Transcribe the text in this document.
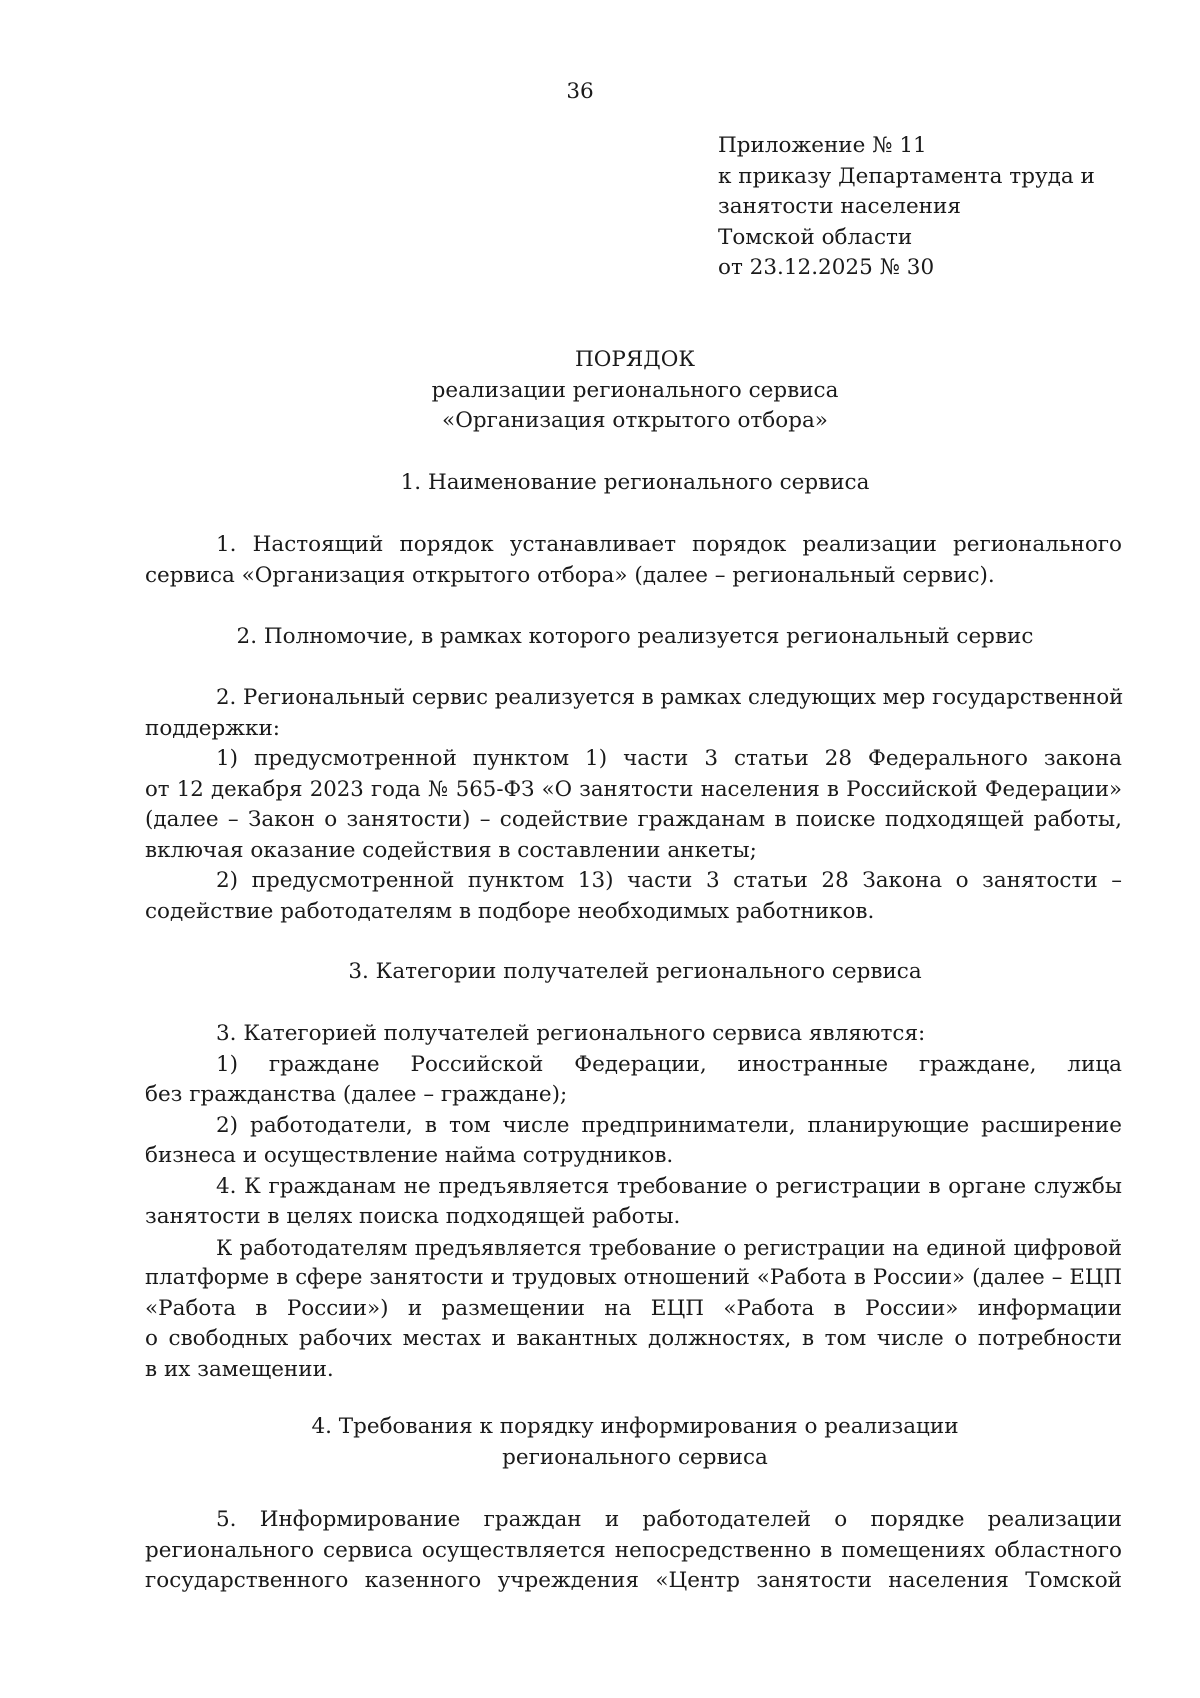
36
Приложение № 11
к приказу Департамента труда и
занятости населения
Томской области
от 23.12.2025 № 30
ПОРЯДОК
реализации регионального сервиса
«Организация открытого отбора»
1. Наименование регионального сервиса
1. Настоящий порядок устанавливает порядок реализации регионального
сервиса «Организация открытого отбора» (далее – региональный сервис).
2. Полномочие, в рамках которого реализуется региональный сервис
2. Региональный сервис реализуется в рамках следующих мер государственной
поддержки:
1) предусмотренной пунктом 1) части 3 статьи 28 Федерального закона
от 12 декабря 2023 года № 565-ФЗ «О занятости населения в Российской Федерации»
(далее – Закон о занятости) – содействие гражданам в поиске подходящей работы,
включая оказание содействия в составлении анкеты;
2) предусмотренной пунктом 13) части 3 статьи 28 Закона о занятости –
содействие работодателям в подборе необходимых работников.
3. Категории получателей регионального сервиса
3. Категорией получателей регионального сервиса являются:
1) граждане Российской Федерации, иностранные граждане, лица
без гражданства (далее – граждане);
2) работодатели, в том числе предприниматели, планирующие расширение
бизнеса и осуществление найма сотрудников.
4. К гражданам не предъявляется требование о регистрации в органе службы
занятости в целях поиска подходящей работы.
К работодателям предъявляется требование о регистрации на единой цифровой
платформе в сфере занятости и трудовых отношений «Работа в России» (далее – ЕЦП
«Работа в России») и размещении на ЕЦП «Работа в России» информации
о свободных рабочих местах и вакантных должностях, в том числе о потребности
в их замещении.
4. Требования к порядку информирования о реализации
регионального сервиса
5. Информирование граждан и работодателей о порядке реализации
регионального сервиса осуществляется непосредственно в помещениях областного
государственного казенного учреждения «Центр занятости населения Томской
